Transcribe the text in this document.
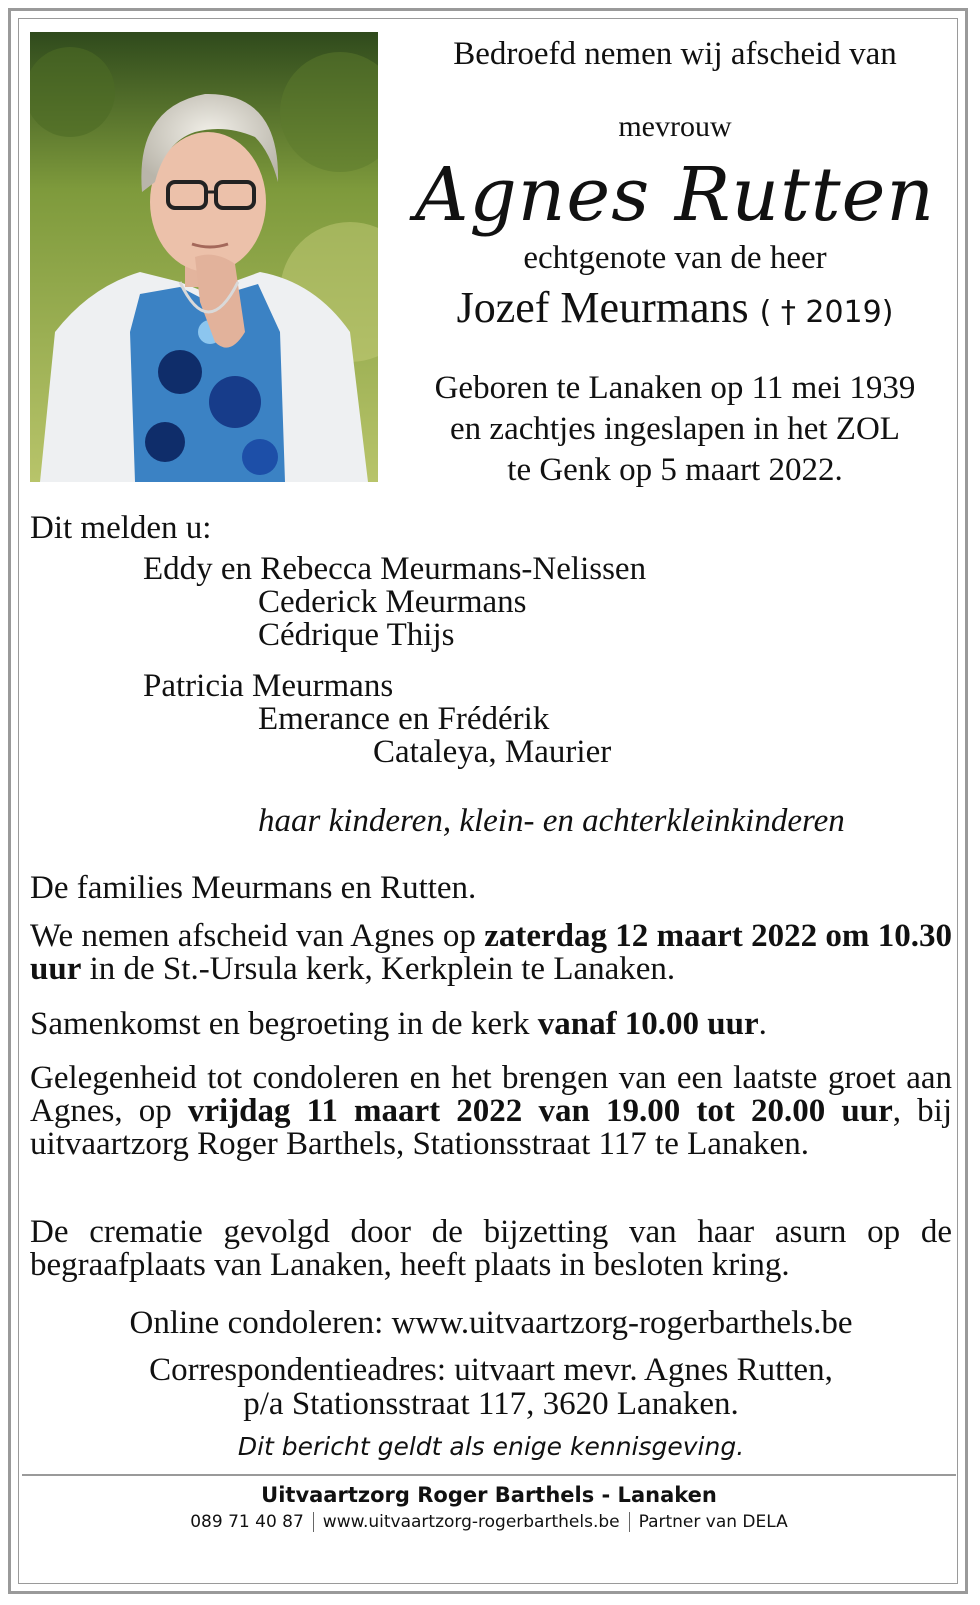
Bedroefd nemen wij afscheid van
mevrouw
Agnes Rutten
echtgenote van de heer
Jozef Meurmans ( † 2019)
Geboren te Lanaken op 11 mei 1939
en zachtjes ingeslapen in het ZOL
te Genk op 5 maart 2022.
Dit melden u:
Eddy en Rebecca Meurmans-Nelissen
Cederick Meurmans
Cédrique Thijs
Patricia Meurmans
Emerance en Frédérik
Cataleya, Maurier
haar kinderen, klein- en achterkleinkinderen
De families Meurmans en Rutten.
We nemen afscheid van Agnes op zaterdag 12 maart 2022 om 10.30 uur in de St.-Ursula kerk, Kerkplein te Lanaken.
Samenkomst en begroeting in de kerk vanaf 10.00 uur.
Gelegenheid tot condoleren en het brengen van een laatste groet aan Agnes, op vrijdag 11 maart 2022 van 19.00 tot 20.00 uur, bij uitvaartzorg Roger Barthels, Stationsstraat 117 te Lanaken.
De crematie gevolgd door de bijzetting van haar asurn op de begraafplaats van Lanaken, heeft plaats in besloten kring.
Online condoleren: www.uitvaartzorg-rogerbarthels.be
Correspondentieadres: uitvaart mevr. Agnes Rutten,
p/a Stationsstraat 117, 3620 Lanaken.
Dit bericht geldt als enige kennisgeving.
Uitvaartzorg Roger Barthels - Lanaken
089 71 40 87 www.uitvaartzorg-rogerbarthels.be Partner van DELA
